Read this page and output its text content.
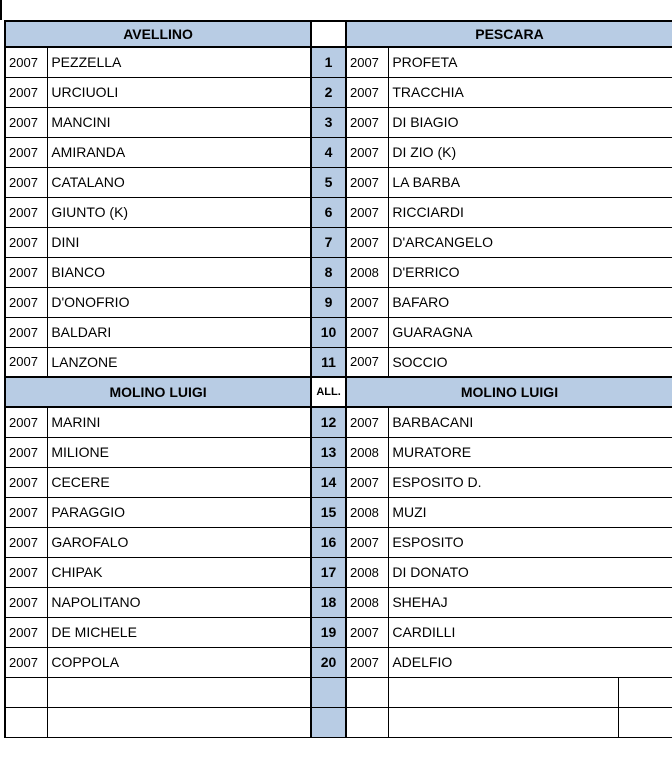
AVELLINO			PESCARA		
2007	PEZZELLA	1	2007	PROFETA	
2007	URCIUOLI	2	2007	TRACCHIA	
2007	MANCINI	3	2007	DI BIAGIO	
2007	AMIRANDA	4	2007	DI ZIO (K)	
2007	CATALANO	5	2007	LA BARBA	
2007	GIUNTO (K)	6	2007	RICCIARDI	
2007	DINI	7	2007	D'ARCANGELO	
2007	BIANCO	8	2008	D'ERRICO	
2007	D'ONOFRIO	9	2007	BAFARO	
2007	BALDARI	10	2007	GUARAGNA	
2007	LANZONE	11	2007	SOCCIO	
MOLINO LUIGI		ALL.	MOLINO LUIGI		
2007	MARINI	12	2007	BARBACANI	
2007	MILIONE	13	2008	MURATORE	
2007	CECERE	14	2007	ESPOSITO D.	
2007	PARAGGIO	15	2008	MUZI	
2007	GAROFALO	16	2007	ESPOSITO	
2007	CHIPAK	17	2008	DI DONATO	
2007	NAPOLITANO	18	2008	SHEHAJ	
2007	DE MICHELE	19	2007	CARDILLI	
2007	COPPOLA	20	2007	ADELFIO	
